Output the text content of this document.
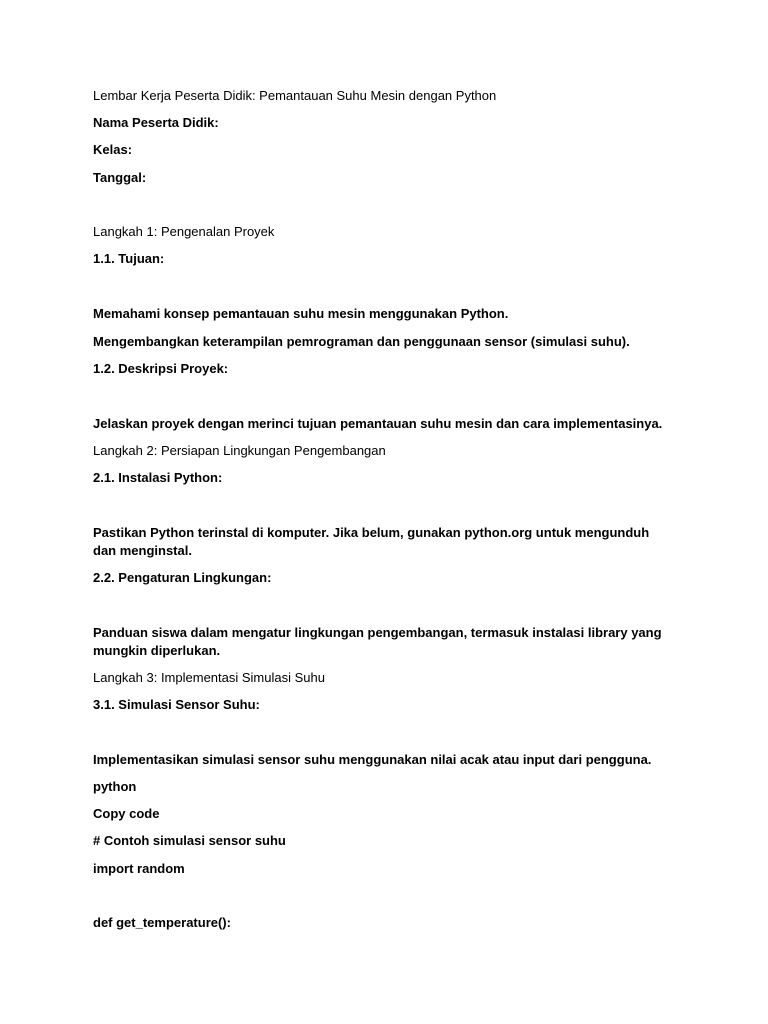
Lembar Kerja Peserta Didik: Pemantauan Suhu Mesin dengan Python
Nama Peserta Didik:
Kelas:
Tanggal:
Langkah 1: Pengenalan Proyek
1.1. Tujuan:
Memahami konsep pemantauan suhu mesin menggunakan Python.
Mengembangkan keterampilan pemrograman dan penggunaan sensor (simulasi suhu).
1.2. Deskripsi Proyek:
Jelaskan proyek dengan merinci tujuan pemantauan suhu mesin dan cara implementasinya.
Langkah 2: Persiapan Lingkungan Pengembangan
2.1. Instalasi Python:
Pastikan Python terinstal di komputer. Jika belum, gunakan python.org untuk mengunduh dan menginstal.
2.2. Pengaturan Lingkungan:
Panduan siswa dalam mengatur lingkungan pengembangan, termasuk instalasi library yang mungkin diperlukan.
Langkah 3: Implementasi Simulasi Suhu
3.1. Simulasi Sensor Suhu:
Implementasikan simulasi sensor suhu menggunakan nilai acak atau input dari pengguna.
python
Copy code
# Contoh simulasi sensor suhu
import random
def get_temperature():
